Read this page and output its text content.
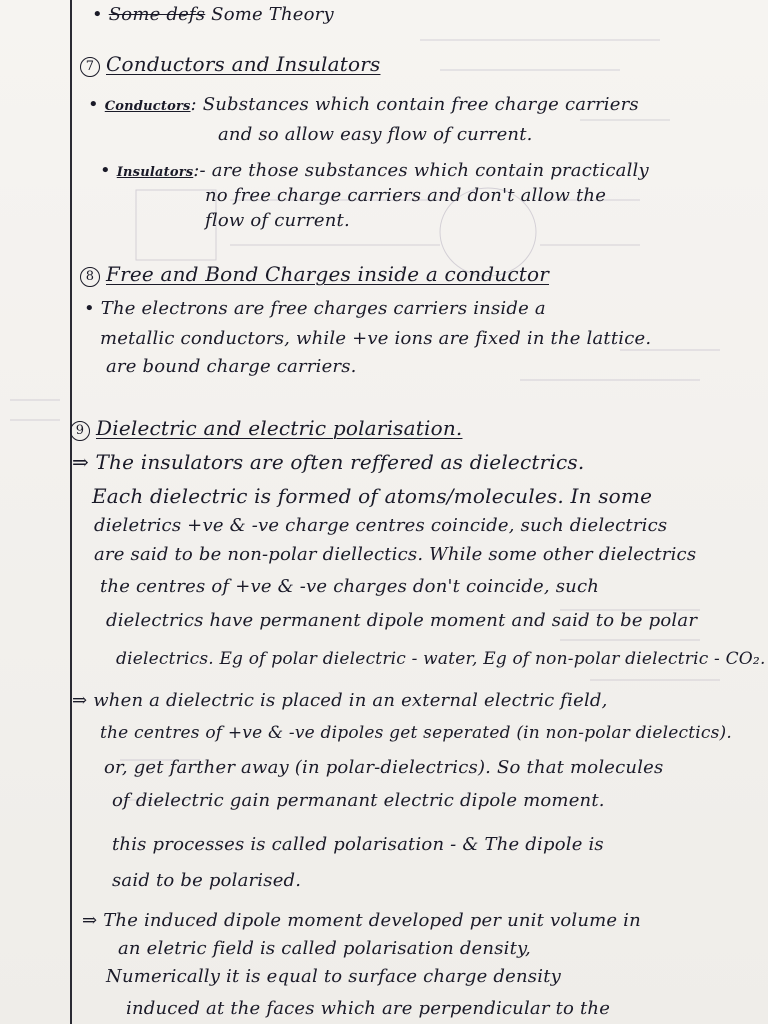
• Some defs Some Theory
7 Conductors and Insulators
• Conductors: Substances which contain free charge carriers
and so allow easy flow of current.
• Insulators:- are those substances which contain practically
no free charge carriers and don't allow the
flow of current.
8 Free and Bond Charges inside a conductor
• The electrons are free charges carriers inside a
metallic conductors, while +ve ions are fixed in the lattice.
are bound charge carriers.
9 Dielectric and electric polarisation.
⇒ The insulators are often reffered as dielectrics.
Each dielectric is formed of atoms/molecules. In some
dieletrics +ve & -ve charge centres coincide, such dielectrics
are said to be non-polar diellectics. While some other dielectrics
the centres of +ve & -ve charges don't coincide, such
dielectrics have permanent dipole moment and said to be polar
dielectrics. Eg of polar dielectric - water, Eg of non-polar dielectric - CO₂.
⇒ when a dielectric is placed in an external electric field,
the centres of +ve & -ve dipoles get seperated (in non-polar dielectics).
or, get farther away (in polar-dielectrics). So that molecules
of dielectric gain permanant electric dipole moment.
this processes is called polarisation - & The dipole is
said to be polarised.
⇒ The induced dipole moment developed per unit volume in
an eletric field is called polarisation density,
Numerically it is equal to surface charge density
induced at the faces which are perpendicular to the
